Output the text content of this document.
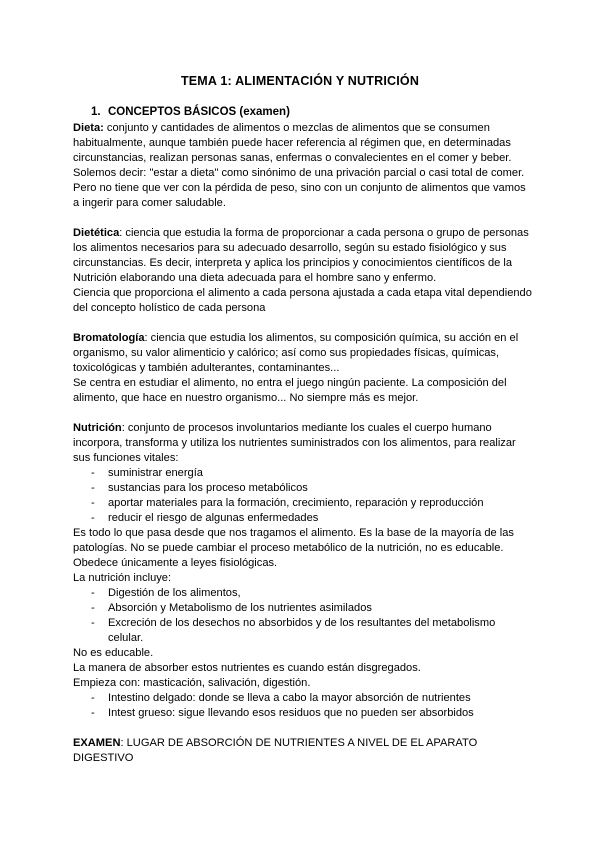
TEMA 1: ALIMENTACIÓN Y NUTRICIÓN
1. CONCEPTOS BÁSICOS (examen)

Dieta: conjunto y cantidades de alimentos o mezclas de alimentos que se consumen habitualmente, aunque también puede hacer referencia al régimen que, en determinadas circunstancias, realizan personas sanas, enfermas o convalecientes en el comer y beber. Solemos decir: "estar a dieta" como sinónimo de una privación parcial o casi total de comer. Pero no tiene que ver con la pérdida de peso, sino con un conjunto de alimentos que vamos a ingerir para comer saludable.

Dietética: ciencia que estudia la forma de proporcionar a cada persona o grupo de personas los alimentos necesarios para su adecuado desarrollo, según su estado fisiológico y sus circunstancias. Es decir, interpreta y aplica los principios y conocimientos científicos de la Nutrición elaborando una dieta adecuada para el hombre sano y enfermo.

Ciencia que proporciona el alimento a cada persona ajustada a cada etapa vital dependiendo del concepto holístico de cada persona

Bromatología: ciencia que estudia los alimentos, su composición química, su acción en el organismo, su valor alimenticio y calórico; así como sus propiedades físicas, químicas, toxicológicas y también adulterantes, contaminantes...

Se centra en estudiar el alimento, no entra el juego ningún paciente. La composición del alimento, que hace en nuestro organismo... No siempre más es mejor.

Nutrición: conjunto de procesos involuntarios mediante los cuales el cuerpo humano incorpora, transforma y utiliza los nutrientes suministrados con los alimentos, para realizar sus funciones vitales:

- suministrar energía
- sustancias para los proceso metabólicos
- aportar materiales para la formación, crecimiento, reparación y reproducción
- reducir el riesgo de algunas enfermedades

Es todo lo que pasa desde que nos tragamos el alimento. Es la base de la mayoría de las patologías. No se puede cambiar el proceso metabólico de la nutrición, no es educable. Obedece únicamente a leyes fisiológicas.

La nutrición incluye:

- Digestión de los alimentos,
- Absorción y Metabolismo de los nutrientes asimilados
- Excreción de los desechos no absorbidos y de los resultantes del metabolismo celular.

No es educable.

La manera de absorber estos nutrientes es cuando están disgregados.

Empieza con: masticación, salivación, digestión.

- Intestino delgado: donde se lleva a cabo la mayor absorción de nutrientes
- Intest grueso: sigue llevando esos residuos que no pueden ser absorbidos

EXAMEN: LUGAR DE ABSORCIÓN DE NUTRIENTES A NIVEL DE EL APARATO DIGESTIVO
